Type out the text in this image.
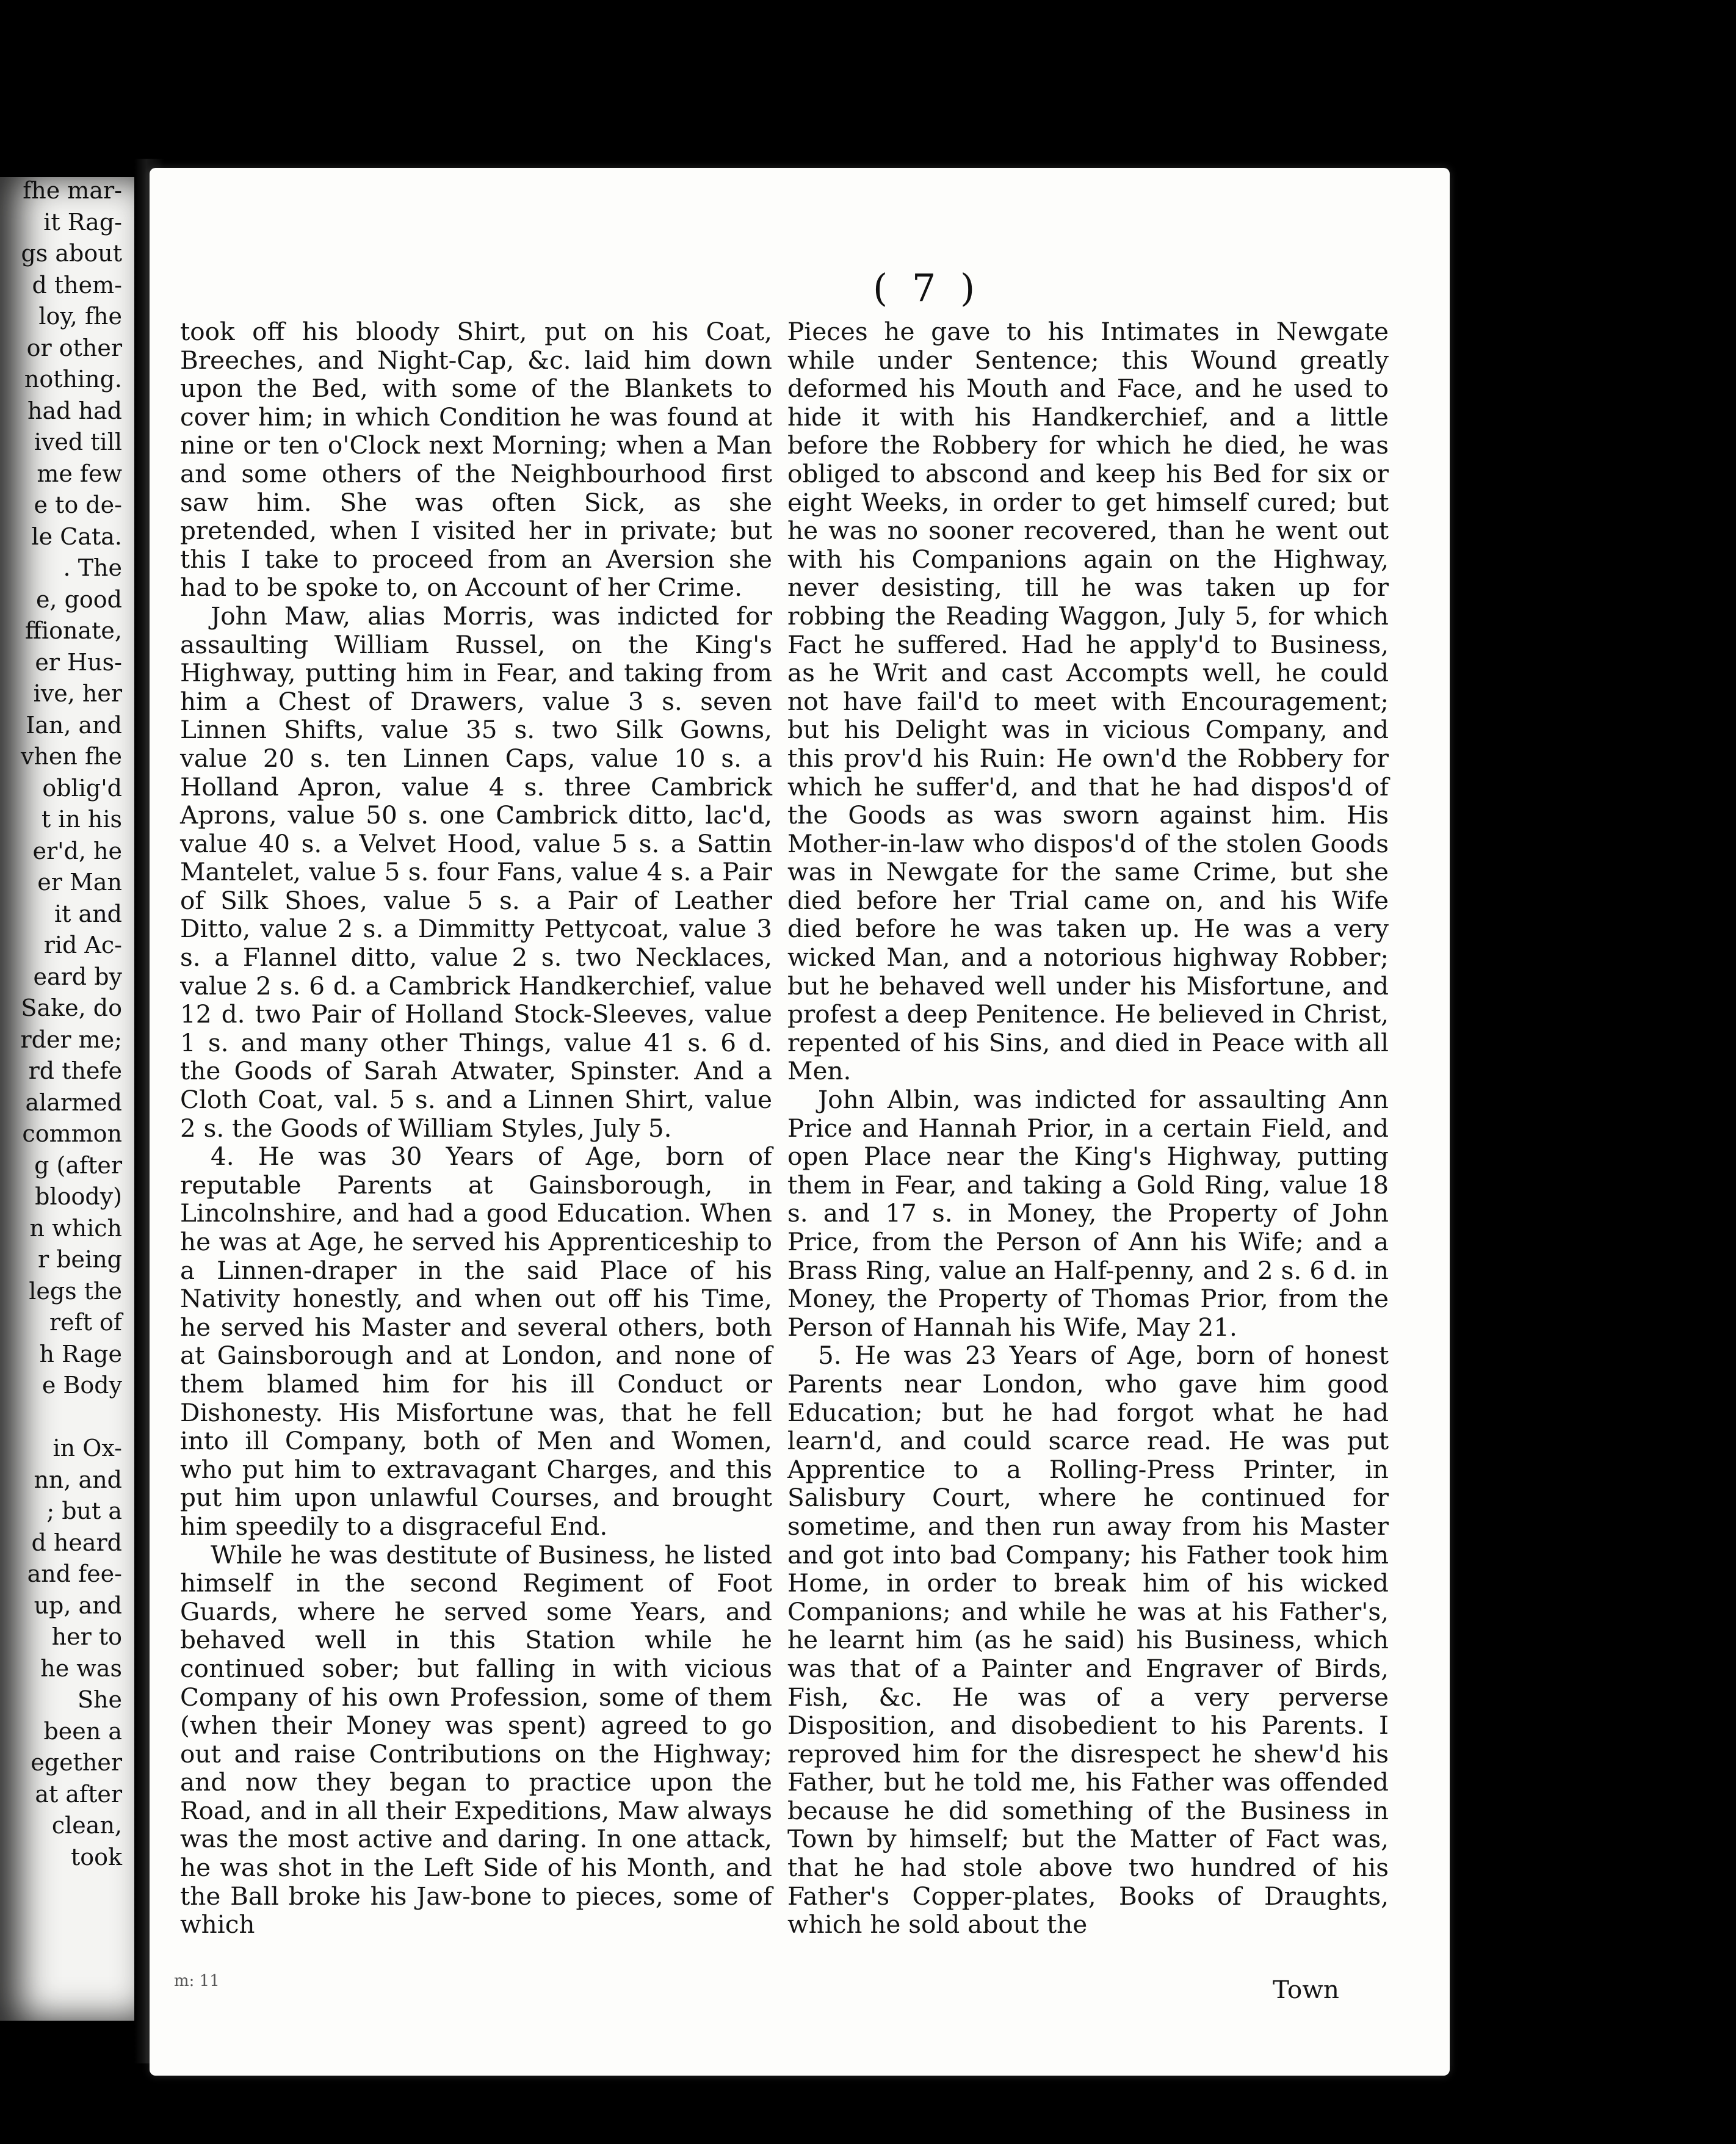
fhe mar-
it Rag-
gs about
d them-
loy, fhe
or other
nothing.
had had
ived till
me few
e to de-
le Cata.
. The
e, good
ffionate,
er Hus-
ive, her
Ian, and
vhen fhe
oblig'd
t in his
er'd, he
er Man
it and
rid Ac-
eard by
Sake, do
rder me;
rd thefe
alarmed
common
g (after
bloody)
n which
r being
legs the
reft of
h Rage
e Body
in Ox-
nn, and
; but a
d heard
and fee-
up, and
her to
he was
She
been a
egether
at after
clean,
took
( 7 )

took off his bloody Shirt, put on his Coat, Breeches, and Night-Cap, &c. laid him down upon the Bed, with some of the Blankets to cover him; in which Condition he was found at nine or ten o'Clock next Morning; when a Man and some others of the Neighbourhood first saw him. She was often Sick, as she pretended, when I visited her in private; but this I take to proceed from an Aversion she had to be spoke to, on Account of her Crime.

John Maw, alias Morris, was indicted for assaulting William Russel, on the King's Highway, putting him in Fear, and taking from him a Chest of Drawers, value 3 s. seven Linnen Shifts, value 35 s. two Silk Gowns, value 20 s. ten Linnen Caps, value 10 s. a Holland Apron, value 4 s. three Cambrick Aprons, value 50 s. one Cambrick ditto, lac'd, value 40 s. a Velvet Hood, value 5 s. a Sattin Mantelet, value 5 s. four Fans, value 4 s. a Pair of Silk Shoes, value 5 s. a Pair of Leather Ditto, value 2 s. a Dimmitty Pettycoat, value 3 s. a Flannel ditto, value 2 s. two Necklaces, value 2 s. 6 d. a Cambrick Handkerchief, value 12 d. two Pair of Holland Stock-Sleeves, value 1 s. and many other Things, value 41 s. 6 d. the Goods of Sarah Atwater, Spinster. And a Cloth Coat, val. 5 s. and a Linnen Shirt, value 2 s. the Goods of William Styles, July 5.

4. He was 30 Years of Age, born of reputable Parents at Gainsborough, in Lincolnshire, and had a good Education. When he was at Age, he served his Apprenticeship to a Linnen-draper in the said Place of his Nativity honestly, and when out off his Time, he served his Master and several others, both at Gainsborough and at London, and none of them blamed him for his ill Conduct or Dishonesty. His Misfortune was, that he fell into ill Company, both of Men and Women, who put him to extravagant Charges, and this put him upon unlawful Courses, and brought him speedily to a disgraceful End.

While he was destitute of Business, he listed himself in the second Regiment of Foot Guards, where he served some Years, and behaved well in this Station while he continued sober; but falling in with vicious Company of his own Profession, some of them (when their Money was spent) agreed to go out and raise Contributions on the Highway; and now they began to practice upon the Road, and in all their Expeditions, Maw always was the most active and daring. In one attack, he was shot in the Left Side of his Month, and the Ball broke his Jaw-bone to pieces, some of which

Pieces he gave to his Intimates in Newgate while under Sentence; this Wound greatly deformed his Mouth and Face, and he used to hide it with his Handkerchief, and a little before the Robbery for which he died, he was obliged to abscond and keep his Bed for six or eight Weeks, in order to get himself cured; but he was no sooner recovered, than he went out with his Companions again on the Highway, never desisting, till he was taken up for robbing the Reading Waggon, July 5, for which Fact he suffered. Had he apply'd to Business, as he Writ and cast Accompts well, he could not have fail'd to meet with Encouragement; but his Delight was in vicious Company, and this prov'd his Ruin: He own'd the Robbery for which he suffer'd, and that he had dispos'd of the Goods as was sworn against him. His Mother-in-law who dispos'd of the stolen Goods was in Newgate for the same Crime, but she died before her Trial came on, and his Wife died before he was taken up. He was a very wicked Man, and a notorious highway Robber; but he behaved well under his Misfortune, and profest a deep Penitence. He believed in Christ, repented of his Sins, and died in Peace with all Men.

John Albin, was indicted for assaulting Ann Price and Hannah Prior, in a certain Field, and open Place near the King's Highway, putting them in Fear, and taking a Gold Ring, value 18 s. and 17 s. in Money, the Property of John Price, from the Person of Ann his Wife; and a Brass Ring, value an Half-penny, and 2 s. 6 d. in Money, the Property of Thomas Prior, from the Person of Hannah his Wife, May 21.

5. He was 23 Years of Age, born of honest Parents near London, who gave him good Education; but he had forgot what he had learn'd, and could scarce read. He was put Apprentice to a Rolling-Press Printer, in Salisbury Court, where he continued for sometime, and then run away from his Master and got into bad Company; his Father took him Home, in order to break him of his wicked Companions; and while he was at his Father's, he learnt him (as he said) his Business, which was that of a Painter and Engraver of Birds, Fish, &c. He was of a very perverse Disposition, and disobedient to his Parents. I reproved him for the disrespect he shew'd his Father, but he told me, his Father was offended because he did something of the Business in Town by himself; but the Matter of Fact was, that he had stole above two hundred of his Father's Copper-plates, Books of Draughts, which he sold about the

Town
m: 11
